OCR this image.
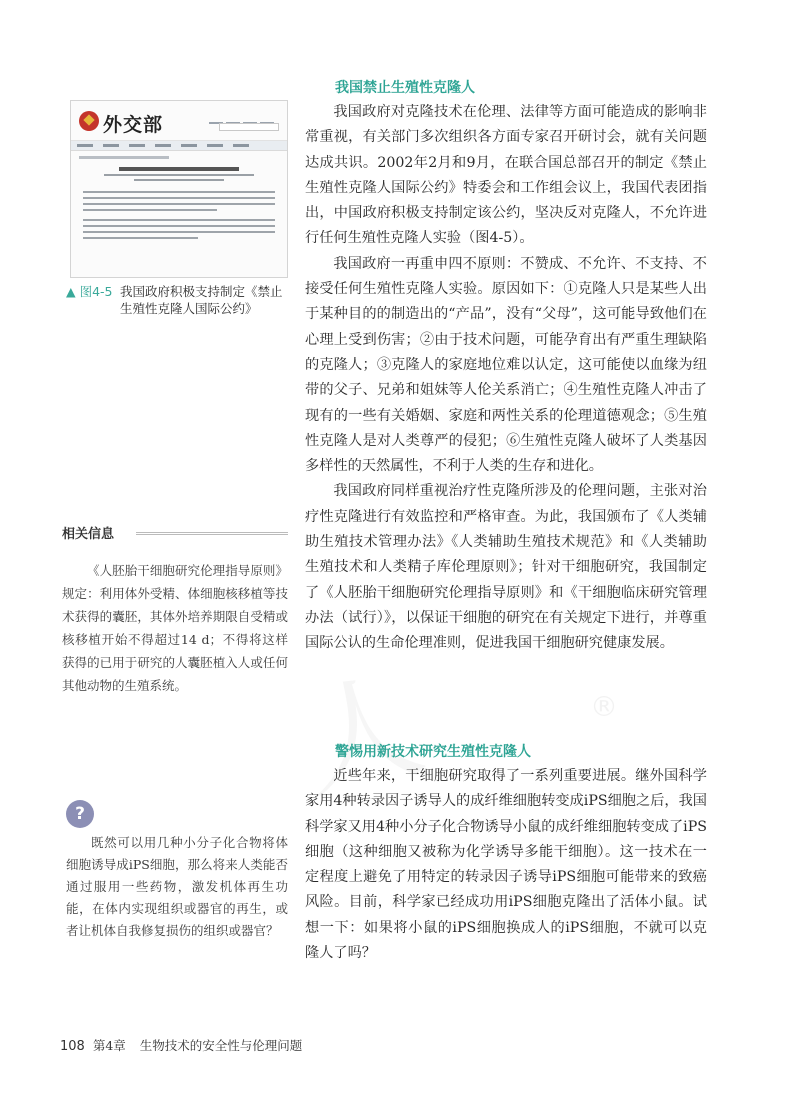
外交部
▲ 图4-5 我国政府积极支持制定《禁止生殖性克隆人国际公约》
相关信息

《人胚胎干细胞研究伦理指导原则》规定：利用体外受精、体细胞核移植等技术获得的囊胚，其体外培养期限自受精或核移植开始不得超过14 d；不得将这样获得的已用于研究的人囊胚植入人或任何其他动物的生殖系统。

?

既然可以用几种小分子化合物将体细胞诱导成iPS细胞，那么将来人类能否通过服用一些药物，激发机体再生功能，在体内实现组织或器官的再生，或者让机体自我修复损伤的组织或器官？

我国禁止生殖性克隆人

我国政府对克隆技术在伦理、法律等方面可能造成的影响非常重视，有关部门多次组织各方面专家召开研讨会，就有关问题达成共识。2002年2月和9月，在联合国总部召开的制定《禁止生殖性克隆人国际公约》特委会和工作组会议上，我国代表团指出，中国政府积极支持制定该公约，坚决反对克隆人，不允许进行任何生殖性克隆人实验（图4-5）。

我国政府一再重申四不原则：不赞成、不允许、不支持、不接受任何生殖性克隆人实验。原因如下：①克隆人只是某些人出于某种目的的制造出的“产品”，没有“父母”，这可能导致他们在心理上受到伤害；②由于技术问题，可能孕育出有严重生理缺陷的克隆人；③克隆人的家庭地位难以认定，这可能使以血缘为纽带的父子、兄弟和姐妹等人伦关系消亡；④生殖性克隆人冲击了现有的一些有关婚姻、家庭和两性关系的伦理道德观念；⑤生殖性克隆人是对人类尊严的侵犯；⑥生殖性克隆人破坏了人类基因多样性的天然属性，不利于人类的生存和进化。

我国政府同样重视治疗性克隆所涉及的伦理问题，主张对治疗性克隆进行有效监控和严格审查。为此，我国颁布了《人类辅助生殖技术管理办法》《人类辅助生殖技术规范》和《人类辅助生殖技术和人类精子库伦理原则》；针对干细胞研究，我国制定了《人胚胎干细胞研究伦理指导原则》和《干细胞临床研究管理办法（试行）》，以保证干细胞的研究在有关规定下进行，并尊重国际公认的生命伦理准则，促进我国干细胞研究健康发展。

®
警惕用新技术研究生殖性克隆人

近些年来，干细胞研究取得了一系列重要进展。继外国科学家用4种转录因子诱导人的成纤维细胞转变成iPS细胞之后，我国科学家又用4种小分子化合物诱导小鼠的成纤维细胞转变成了iPS细胞（这种细胞又被称为化学诱导多能干细胞）。这一技术在一定程度上避免了用特定的转录因子诱导iPS细胞可能带来的致癌风险。目前，科学家已经成功用iPS细胞克隆出了活体小鼠。试想一下：如果将小鼠的iPS细胞换成人的iPS细胞，不就可以克隆人了吗？

108 第4章 生物技术的安全性与伦理问题
